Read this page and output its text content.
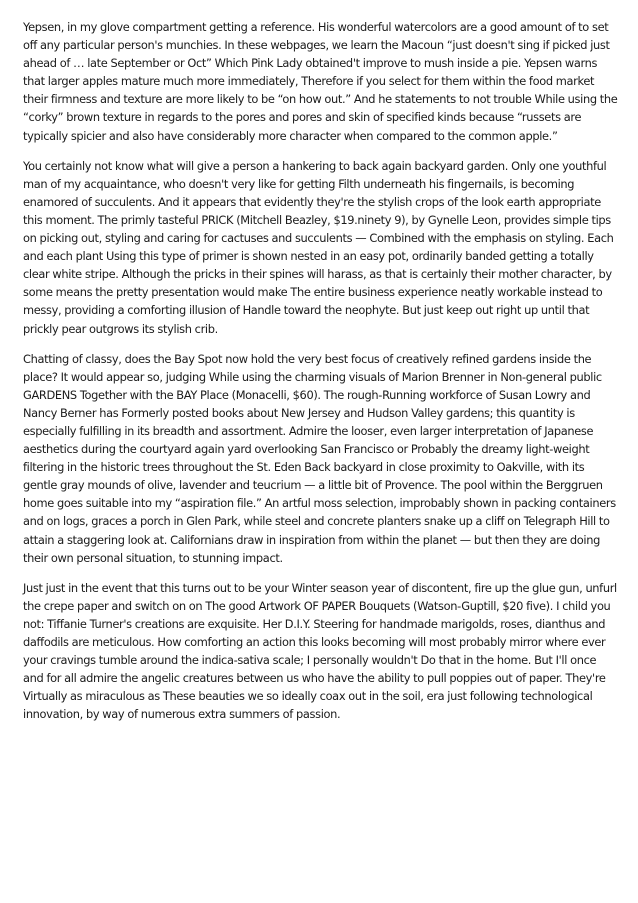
Yepsen, in my glove compartment getting a reference. His wonderful watercolors are a good amount of to set off any particular person's munchies. In these webpages, we learn the Macoun “just doesn't sing if picked just ahead of … late September or Oct” Which Pink Lady obtained't improve to mush inside a pie. Yepsen warns that larger apples mature much more immediately, Therefore if you select for them within the food market their firmness and texture are more likely to be “on how out.” And he statements to not trouble While using the “corky” brown texture in regards to the pores and pores and skin of specified kinds because “russets are typically spicier and also have considerably more character when compared to the common apple.”

You certainly not know what will give a person a hankering to back again backyard garden. Only one youthful man of my acquaintance, who doesn't very like for getting Filth underneath his fingernails, is becoming enamored of succulents. And it appears that evidently they're the stylish crops of the look earth appropriate this moment. The primly tasteful PRICK (Mitchell Beazley, $19.ninety 9), by Gynelle Leon, provides simple tips on picking out, styling and caring for cactuses and succulents — Combined with the emphasis on styling. Each and each plant Using this type of primer is shown nested in an easy pot, ordinarily banded getting a totally clear white stripe. Although the pricks in their spines will harass, as that is certainly their mother character, by some means the pretty presentation would make The entire business experience neatly workable instead to messy, providing a comforting illusion of Handle toward the neophyte. But just keep out right up until that prickly pear outgrows its stylish crib.

Chatting of classy, does the Bay Spot now hold the very best focus of creatively refined gardens inside the place? It would appear so, judging While using the charming visuals of Marion Brenner in Non-general public GARDENS Together with the BAY Place (Monacelli, $60). The rough-Running workforce of Susan Lowry and Nancy Berner has Formerly posted books about New Jersey and Hudson Valley gardens; this quantity is especially fulfilling in its breadth and assortment. Admire the looser, even larger interpretation of Japanese aesthetics during the courtyard again yard overlooking San Francisco or Probably the dreamy light-weight filtering in the historic trees throughout the St. Eden Back backyard in close proximity to Oakville, with its gentle gray mounds of olive, lavender and teucrium — a little bit of Provence. The pool within the Berggruen home goes suitable into my “aspiration file.” An artful moss selection, improbably shown in packing containers and on logs, graces a porch in Glen Park, while steel and concrete planters snake up a cliff on Telegraph Hill to attain a staggering look at. Californians draw in inspiration from within the planet — but then they are doing their own personal situation, to stunning impact.

Just just in the event that this turns out to be your Winter season year of discontent, fire up the glue gun, unfurl the crepe paper and switch on on The good Artwork OF PAPER Bouquets (Watson-Guptill, $20 five). I child you not: Tiffanie Turner's creations are exquisite. Her D.I.Y. Steering for handmade marigolds, roses, dianthus and daffodils are meticulous. How comforting an action this looks becoming will most probably mirror where ever your cravings tumble around the indica-sativa scale; I personally wouldn't Do that in the home. But I'll once and for all admire the angelic creatures between us who have the ability to pull poppies out of paper. They're Virtually as miraculous as These beauties we so ideally coax out in the soil, era just following technological innovation, by way of numerous extra summers of passion.
